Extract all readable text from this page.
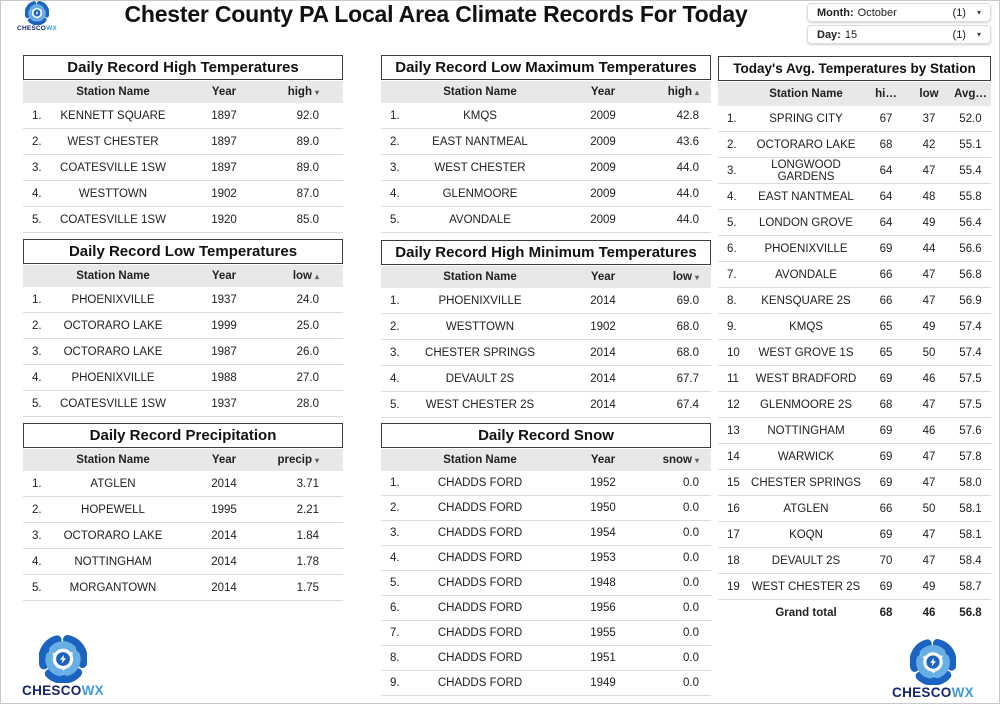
CHESCOWX
Chester County PA Local Area Climate Records For Today	Month: October	(1) ▾
Day: 15	(1) ▾
Daily Record High Temperatures
Station Name	Year	high ▾
1.	KENNETT SQUARE	1897	92.0
2.	WEST CHESTER	1897	89.0
3.	COATESVILLE 1SW	1897	89.0
4.	WESTTOWN	1902	87.0
5.	COATESVILLE 1SW	1920	85.0
Daily Record Low Temperatures
Station Name	Year	low ▴
1.	PHOENIXVILLE	1937	24.0
2.	OCTORARO LAKE	1999	25.0
3.	OCTORARO LAKE	1987	26.0
4.	PHOENIXVILLE	1988	27.0
5.	COATESVILLE 1SW	1937	28.0
Daily Record Precipitation
Station Name	Year	precip ▾
1.	ATGLEN	2014	3.71
2.	HOPEWELL	1995	2.21
3.	OCTORARO LAKE	2014	1.84
4.	NOTTINGHAM	2014	1.78
5.	MORGANTOWN	2014	1.75
Daily Record Low Maximum Temperatures
Station Name	Year	high ▴
1.	KMQS	2009	42.8
2.	EAST NANTMEAL	2009	43.6
3.	WEST CHESTER	2009	44.0
4.	GLENMOORE	2009	44.0
5.	AVONDALE	2009	44.0
Daily Record High Minimum Temperatures
Station Name	Year	low ▾
1.	PHOENIXVILLE	2014	69.0
2.	WESTTOWN	1902	68.0
3.	CHESTER SPRINGS	2014	68.0
4.	DEVAULT 2S	2014	67.7
5.	WEST CHESTER 2S	2014	67.4
Daily Record Snow
Station Name	Year	snow ▾
1.	CHADDS FORD	1952	0.0
2.	CHADDS FORD	1950	0.0
3.	CHADDS FORD	1954	0.0
4.	CHADDS FORD	1953	0.0
5.	CHADDS FORD	1948	0.0
6.	CHADDS FORD	1956	0.0
7.	CHADDS FORD	1955	0.0
8.	CHADDS FORD	1951	0.0
9.	CHADDS FORD	1949	0.0
Today's Avg. Temperatures by Station
Station Name	hi…	low	Avg…
1.	SPRING CITY	67	37	52.0
2.	OCTORARO LAKE	68	42	55.1
3.	LONGWOOD GARDENS	64	47	55.4
4.	EAST NANTMEAL	64	48	55.8
5.	LONDON GROVE	64	49	56.4
6.	PHOENIXVILLE	69	44	56.6
7.	AVONDALE	66	47	56.8
8.	KENSQUARE 2S	66	47	56.9
9.	KMQS	65	49	57.4
10	WEST GROVE 1S	65	50	57.4
11	WEST BRADFORD	69	46	57.5
12	GLENMOORE 2S	68	47	57.5
13	NOTTINGHAM	69	46	57.6
14	WARWICK	69	47	57.8
15 CHESTER SPRINGS	69	47	58.0
16	ATGLEN	66	50	58.1
17	KOQN	69	47	58.1
18	DEVAULT 2S	70	47	58.4
19	WEST CHESTER 2S	69	49	58.7
Grand total	68	46	56.8
CHESCOWX	CHESCOWX
